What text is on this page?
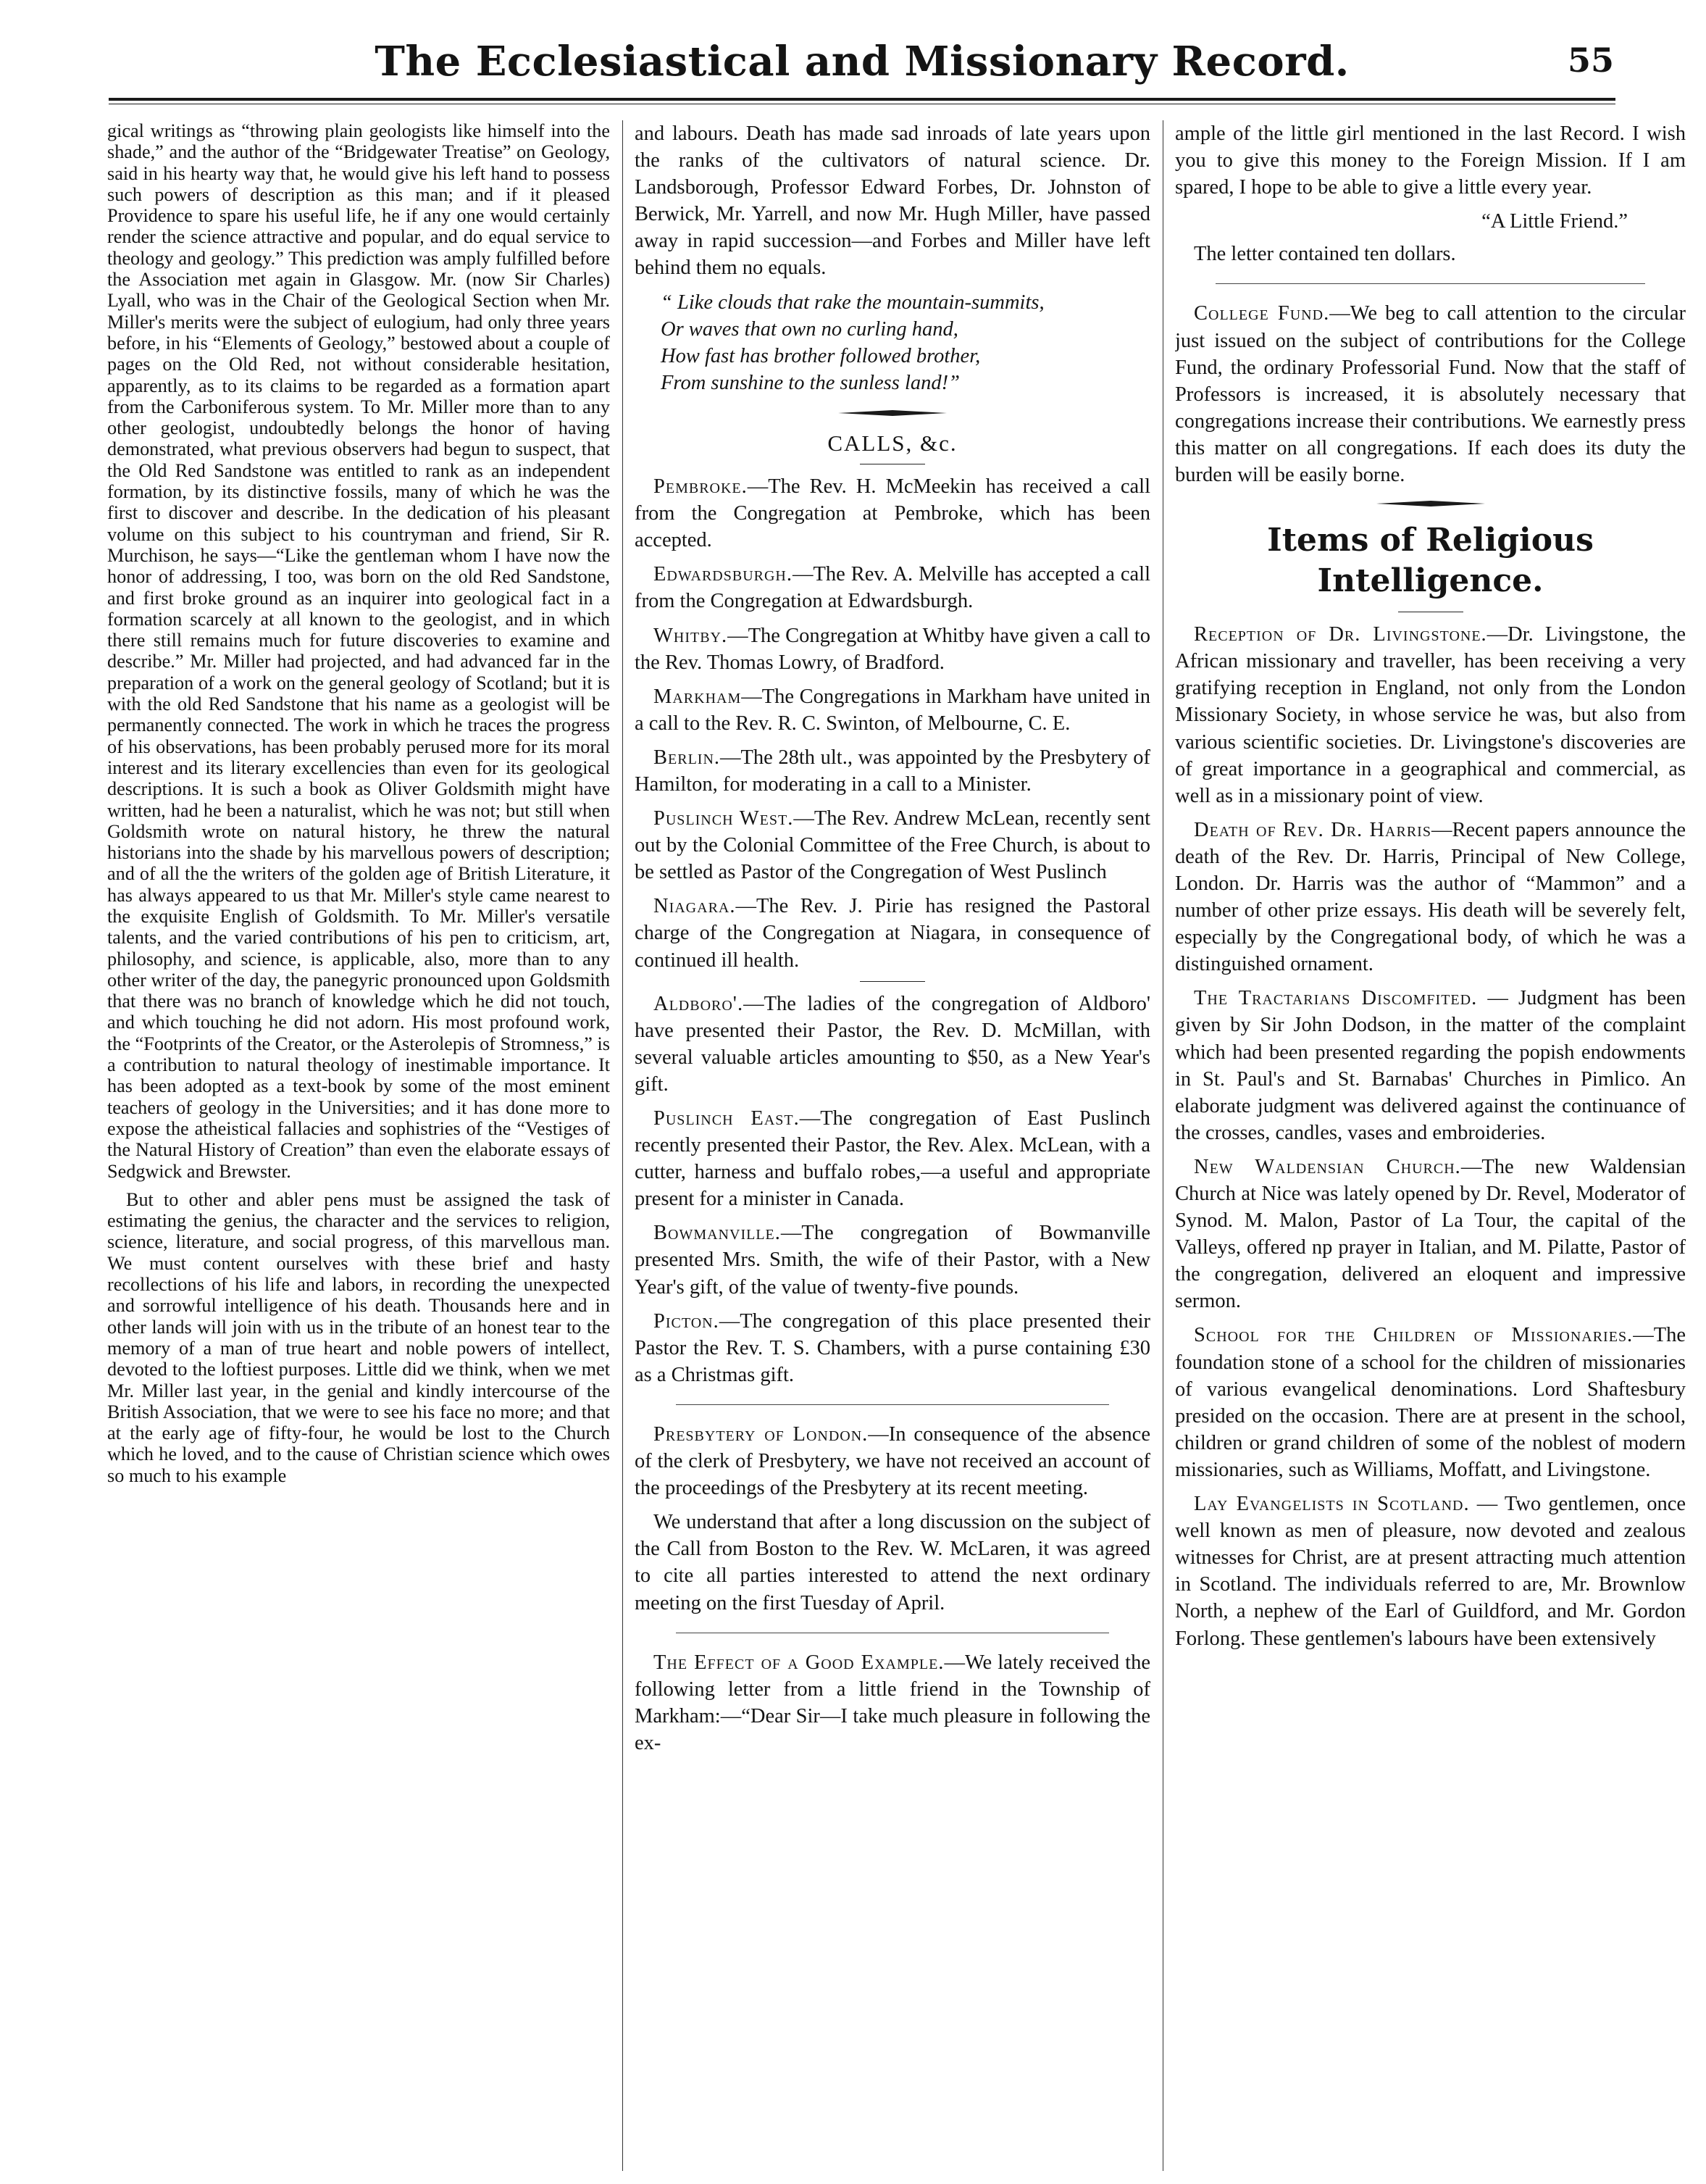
The Ecclesiastical and Missionary Record.	55

gical writings as “throwing plain geologists like himself into the shade,” and the author of the “Bridgewater Treatise” on Geology, said in his hearty way that, he would give his left hand to possess such powers of description as this man; and if it pleased Providence to spare his useful life, he if any one would certainly render the science attractive and popular, and do equal service to theology and geology.” This prediction was amply fulfilled before the Association met again in Glasgow. Mr. (now Sir Charles) Lyall, who was in the Chair of the Geological Section when Mr. Miller's merits were the subject of eulogium, had only three years before, in his “Elements of Geology,” bestowed about a couple of pages on the Old Red, not without considerable hesitation, apparently, as to its claims to be regarded as a formation apart from the Carboniferous system. To Mr. Miller more than to any other geologist, undoubtedly belongs the honor of having demonstrated, what previous observers had begun to suspect, that the Old Red Sandstone was entitled to rank as an independent formation, by its distinctive fossils, many of which he was the first to discover and describe. In the dedication of his pleasant volume on this subject to his countryman and friend, Sir R. Murchison, he says—“Like the gentleman whom I have now the honor of addressing, I too, was born on the old Red Sandstone, and first broke ground as an inquirer into geological fact in a formation scarcely at all known to the geologist, and in which there still remains much for future discoveries to examine and describe.” Mr. Miller had projected, and had advanced far in the preparation of a work on the general geology of Scotland; but it is with the old Red Sandstone that his name as a geologist will be permanently connected. The work in which he traces the progress of his observations, has been probably perused more for its moral interest and its literary excellencies than even for its geological descriptions. It is such a book as Oliver Goldsmith might have written, had he been a naturalist, which he was not; but still when Goldsmith wrote on natural history, he threw the natural historians into the shade by his marvellous powers of description; and of all the the writers of the golden age of British Literature, it has always appeared to us that Mr. Miller's style came nearest to the exquisite English of Goldsmith. To Mr. Miller's versatile talents, and the varied contributions of his pen to criticism, art, philosophy, and science, is applicable, also, more than to any other writer of the day, the panegyric pronounced upon Goldsmith that there was no branch of knowledge which he did not touch, and which touching he did not adorn. His most profound work, the “Footprints of the Creator, or the Asterolepis of Stromness,” is a contribution to natural theology of inestimable importance. It has been adopted as a text-book by some of the most eminent teachers of geology in the Universities; and it has done more to expose the atheistical fallacies and sophistries of the “Vestiges of the Natural History of Creation” than even the elaborate essays of Sedgwick and Brewster.

But to other and abler pens must be assigned the task of estimating the genius, the character and the services to religion, science, literature, and social progress, of this marvellous man. We must content ourselves with these brief and hasty recollections of his life and labors, in recording the unexpected and sorrowful intelligence of his death. Thousands here and in other lands will join with us in the tribute of an honest tear to the memory of a man of true heart and noble powers of intellect, devoted to the loftiest purposes. Little did we think, when we met Mr. Miller last year, in the genial and kindly intercourse of the British Association, that we were to see his face no more; and that at the early age of fifty-four, he would be lost to the Church which he loved, and to the cause of Christian science which owes so much to his example

and labours. Death has made sad inroads of late years upon the ranks of the cultivators of natural science. Dr. Landsborough, Professor Edward Forbes, Dr. Johnston of Berwick, Mr. Yarrell, and now Mr. Hugh Miller, have passed away in rapid succession—and Forbes and Miller have left behind them no equals.

“ Like clouds that rake the mountain-summits,
Or waves that own no curling hand,
How fast has brother followed brother,
From sunshine to the sunless land!”
CALLS, &c.

Pembroke.—The Rev. H. McMeekin has received a call from the Congregation at Pembroke, which has been accepted.

Edwardsburgh.—The Rev. A. Melville has accepted a call from the Congregation at Edwardsburgh.

Whitby.—The Congregation at Whitby have given a call to the Rev. Thomas Lowry, of Bradford.

Markham—The Congregations in Markham have united in a call to the Rev. R. C. Swinton, of Melbourne, C. E.

Berlin.—The 28th ult., was appointed by the Presbytery of Hamilton, for moderating in a call to a Minister.

Puslinch West.—The Rev. Andrew McLean, recently sent out by the Colonial Committee of the Free Church, is about to be settled as Pastor of the Congregation of West Puslinch

Niagara.—The Rev. J. Pirie has resigned the Pastoral charge of the Congregation at Niagara, in consequence of continued ill health.

Aldboro'.—The ladies of the congregation of Aldboro' have presented their Pastor, the Rev. D. McMillan, with several valuable articles amounting to $50, as a New Year's gift.

Puslinch East.—The congregation of East Puslinch recently presented their Pastor, the Rev. Alex. McLean, with a cutter, harness and buffalo robes,—a useful and appropriate present for a minister in Canada.

Bowmanville.—The congregation of Bowmanville presented Mrs. Smith, the wife of their Pastor, with a New Year's gift, of the value of twenty-five pounds.

Picton.—The congregation of this place presented their Pastor the Rev. T. S. Chambers, with a purse containing £30 as a Christmas gift.

Presbytery of London.—In consequence of the absence of the clerk of Presbytery, we have not received an account of the proceedings of the Presbytery at its recent meeting.

We understand that after a long discussion on the subject of the Call from Boston to the Rev. W. McLaren, it was agreed to cite all parties interested to attend the next ordinary meeting on the first Tuesday of April.

The Effect of a Good Example.—We lately received the following letter from a little friend in the Township of Markham:—“Dear Sir—I take much pleasure in following the ex-

ample of the little girl mentioned in the last Record. I wish you to give this money to the Foreign Mission. If I am spared, I hope to be able to give a little every year.

“A Little Friend.”

The letter contained ten dollars.

College Fund.—We beg to call attention to the circular just issued on the subject of contributions for the College Fund, the ordinary Professorial Fund. Now that the staff of Professors is increased, it is absolutely necessary that congregations increase their contributions. We earnestly press this matter on all congregations. If each does its duty the burden will be easily borne.

Items of Religious Intelligence.

Reception of Dr. Livingstone.—Dr. Livingstone, the African missionary and traveller, has been receiving a very gratifying reception in England, not only from the London Missionary Society, in whose service he was, but also from various scientific societies. Dr. Livingstone's discoveries are of great importance in a geographical and commercial, as well as in a missionary point of view.

Death of Rev. Dr. Harris—Recent papers announce the death of the Rev. Dr. Harris, Principal of New College, London. Dr. Harris was the author of “Mammon” and a number of other prize essays. His death will be severely felt, especially by the Congregational body, of which he was a distinguished ornament.

The Tractarians Discomfited. — Judgment has been given by Sir John Dodson, in the matter of the complaint which had been presented regarding the popish endowments in St. Paul's and St. Barnabas' Churches in Pimlico. An elaborate judgment was delivered against the continuance of the crosses, candles, vases and embroideries.

New Waldensian Church.—The new Waldensian Church at Nice was lately opened by Dr. Revel, Moderator of Synod. M. Malon, Pastor of La Tour, the capital of the Valleys, offered np prayer in Italian, and M. Pilatte, Pastor of the congregation, delivered an eloquent and impressive sermon.

School for the Children of Missionaries.—The foundation stone of a school for the children of missionaries of various evangelical denominations. Lord Shaftesbury presided on the occasion. There are at present in the school, children or grand children of some of the noblest of modern missionaries, such as Williams, Moffatt, and Livingstone.

Lay Evangelists in Scotland. — Two gentlemen, once well known as men of pleasure, now devoted and zealous witnesses for Christ, are at present attracting much attention in Scotland. The individuals referred to are, Mr. Brownlow North, a nephew of the Earl of Guildford, and Mr. Gordon Forlong. These gentlemen's labours have been extensively
